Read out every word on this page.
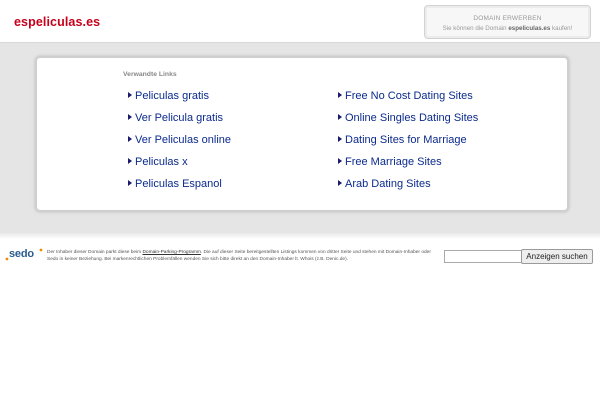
espeliculas.es	DOMAIN ERWERBEN
Sie können die Domain espeliculas.es kaufen!
Verwandte Links
Peliculas gratis
Ver Pelicula gratis
Ver Peliculas online
Peliculas x
Peliculas Espanol
Free No Cost Dating Sites
Online Singles Dating Sites
Dating Sites for Marriage
Free Marriage Sites
Arab Dating Sites
sedo	Der Inhaber dieser Domain parkt diese beim Domain-Parking-Programm. Die auf dieser Seite bereitgestellten Listings kommen von dritter Seite und stehen mit Domain-Inhaber oder Sedo in keiner Beziehung. Bei markenrechtlichen Problemfällen wenden Sie sich bitte direkt an den Domain-Inhaber lt. Whois (z.B. Denic.de).	Anzeigen suchen
